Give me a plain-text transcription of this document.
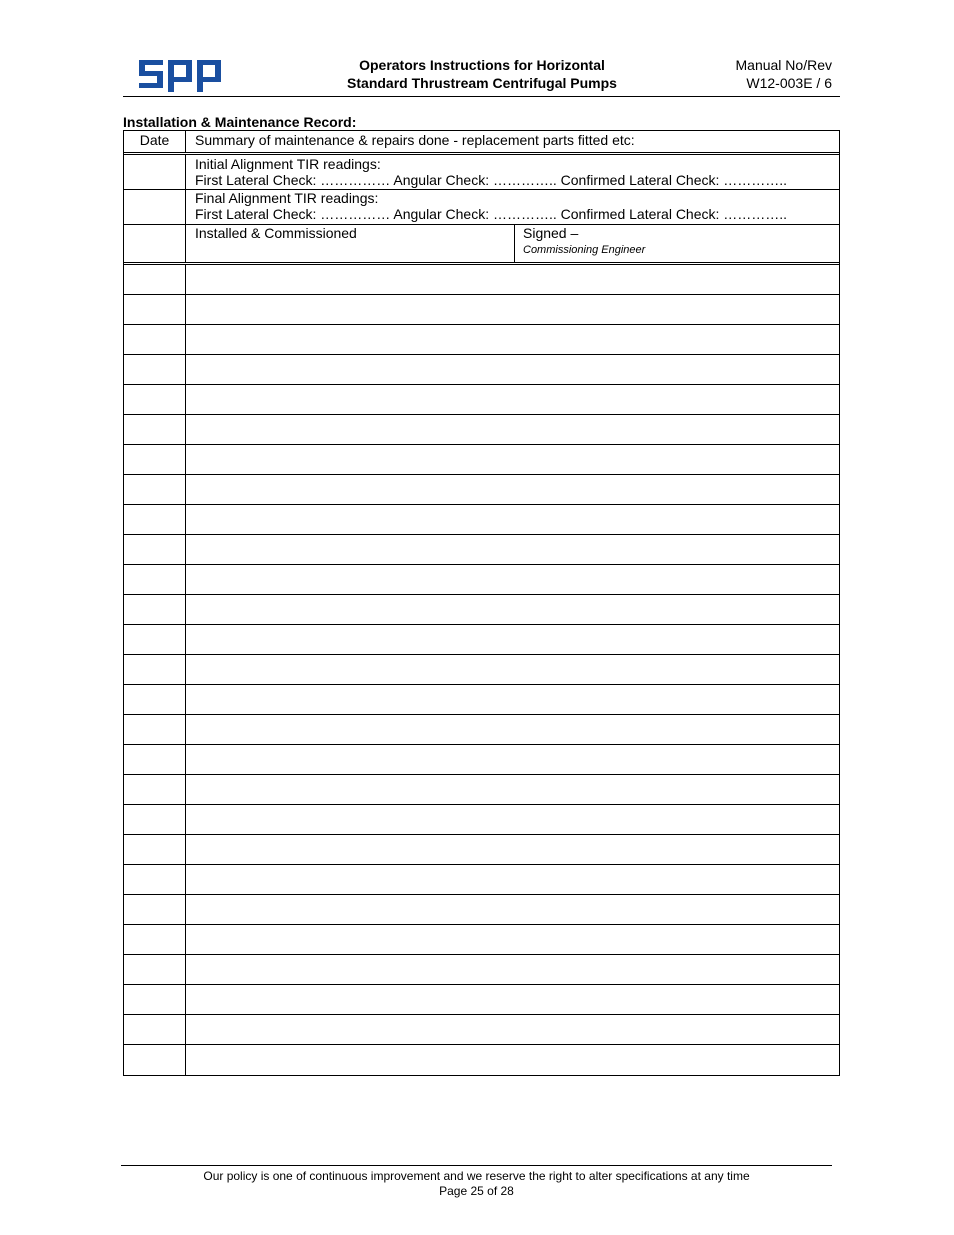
Operators Instructions for Horizontal
Standard Thrustream Centrifugal Pumps
Manual No/Rev
W12-003E / 6
Installation & Maintenance Record:
Date	Summary of maintenance & repairs done - replacement parts fitted etc:
Initial Alignment TIR readings:
First Lateral Check: …………… Angular Check: ………….. Confirmed Lateral Check: …………..
Final Alignment TIR readings:
First Lateral Check: …………… Angular Check: ………….. Confirmed Lateral Check: …………..
Installed & Commissioned	Signed –
Commissioning Engineer
Our policy is one of continuous improvement and we reserve the right to alter specifications at any time
Page 25 of 28
